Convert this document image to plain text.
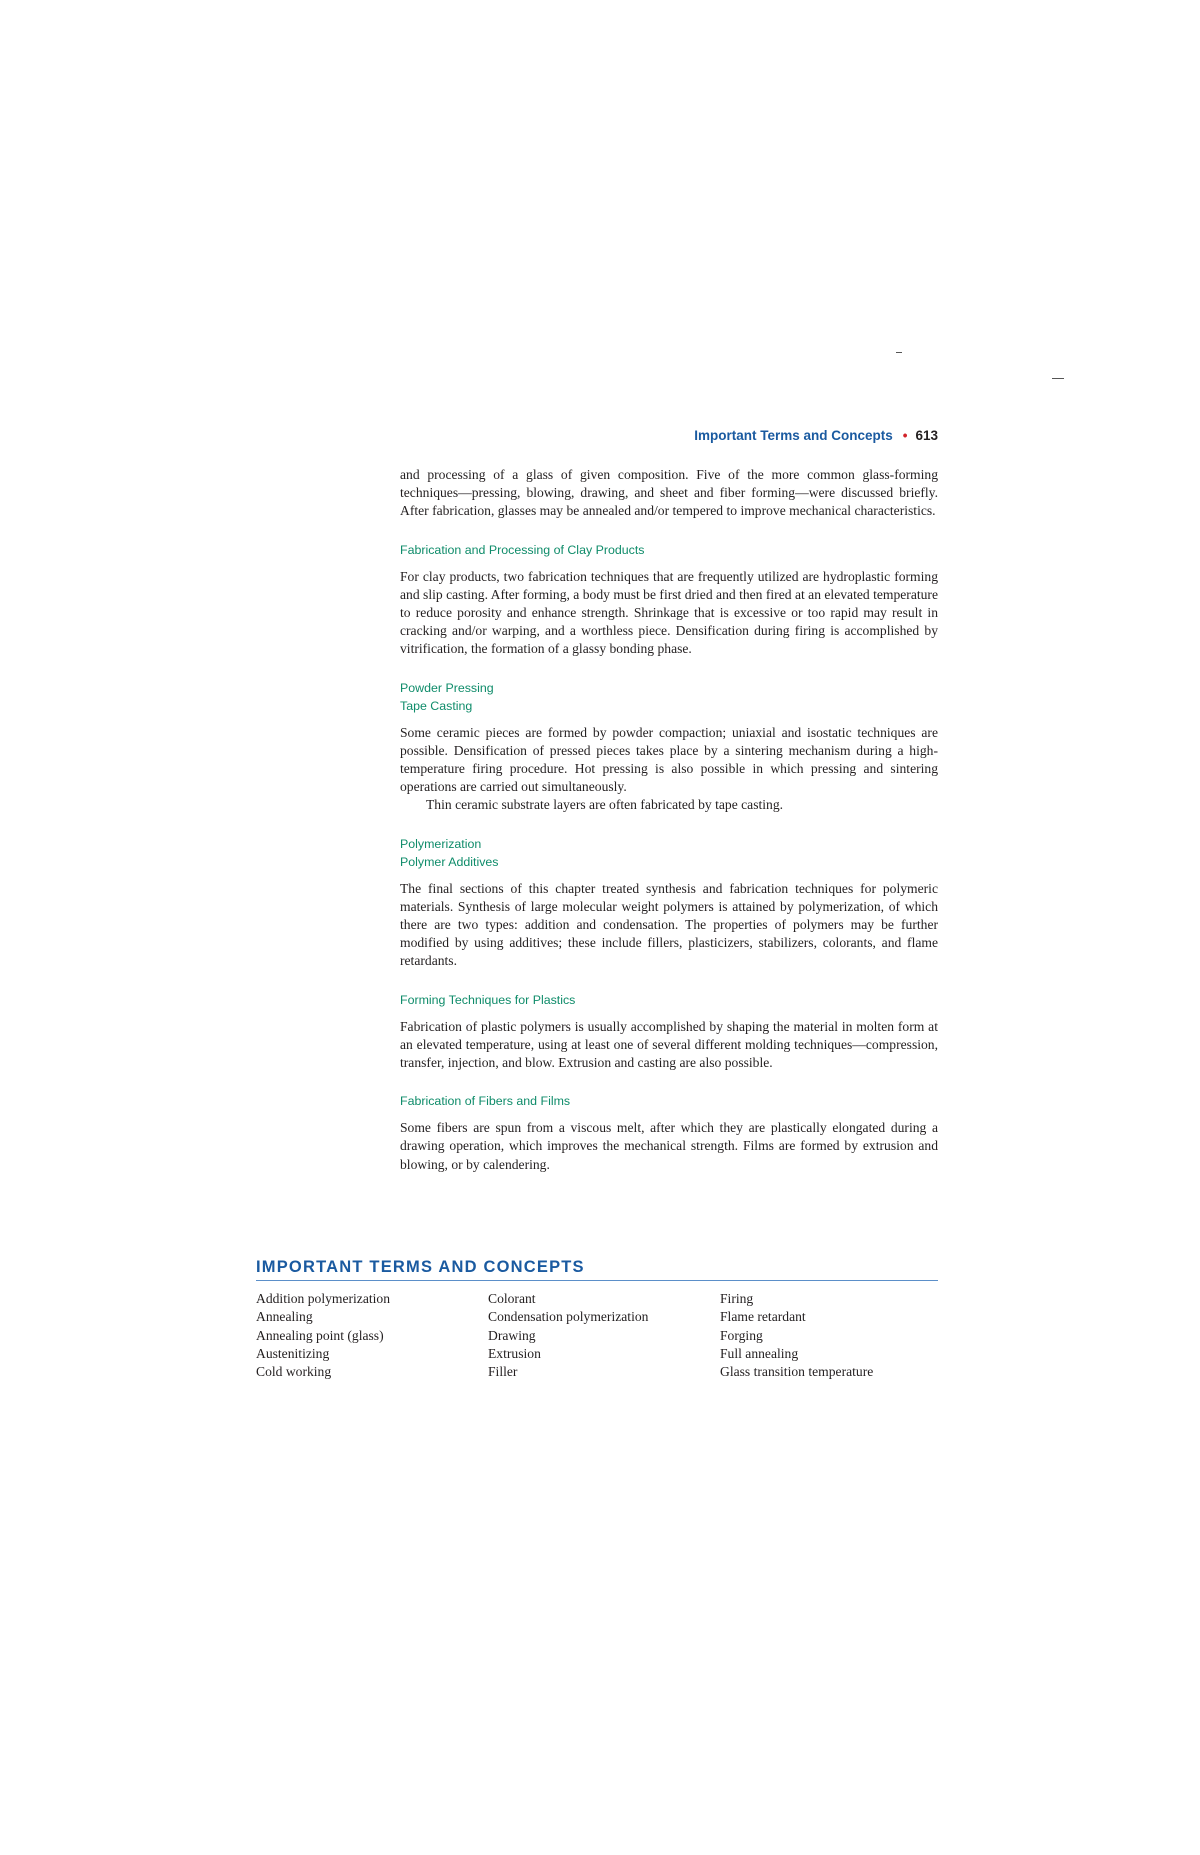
Important Terms and Concepts • 613

and processing of a glass of given composition. Five of the more common glass-forming techniques—pressing, blowing, drawing, and sheet and fiber forming—were discussed briefly. After fabrication, glasses may be annealed and/or tempered to improve mechanical characteristics.

Fabrication and Processing of Clay Products

For clay products, two fabrication techniques that are frequently utilized are hydroplastic forming and slip casting. After forming, a body must be first dried and then fired at an elevated temperature to reduce porosity and enhance strength. Shrinkage that is excessive or too rapid may result in cracking and/or warping, and a worthless piece. Densification during firing is accomplished by vitrification, the formation of a glassy bonding phase.

Powder Pressing

Tape Casting

Some ceramic pieces are formed by powder compaction; uniaxial and isostatic techniques are possible. Densification of pressed pieces takes place by a sintering mechanism during a high-temperature firing procedure. Hot pressing is also possible in which pressing and sintering operations are carried out simultaneously.

Thin ceramic substrate layers are often fabricated by tape casting.

Polymerization

Polymer Additives

The final sections of this chapter treated synthesis and fabrication techniques for polymeric materials. Synthesis of large molecular weight polymers is attained by polymerization, of which there are two types: addition and condensation. The properties of polymers may be further modified by using additives; these include fillers, plasticizers, stabilizers, colorants, and flame retardants.

Forming Techniques for Plastics

Fabrication of plastic polymers is usually accomplished by shaping the material in molten form at an elevated temperature, using at least one of several different molding techniques—compression, transfer, injection, and blow. Extrusion and casting are also possible.

Fabrication of Fibers and Films

Some fibers are spun from a viscous melt, after which they are plastically elongated during a drawing operation, which improves the mechanical strength. Films are formed by extrusion and blowing, or by calendering.

IMPORTANT TERMS AND CONCEPTS
Addition polymerization
Annealing
Annealing point (glass)
Austenitizing
Cold working
Colorant
Condensation polymerization
Drawing
Extrusion
Filler
Firing
Flame retardant
Forging
Full annealing
Glass transition temperature
